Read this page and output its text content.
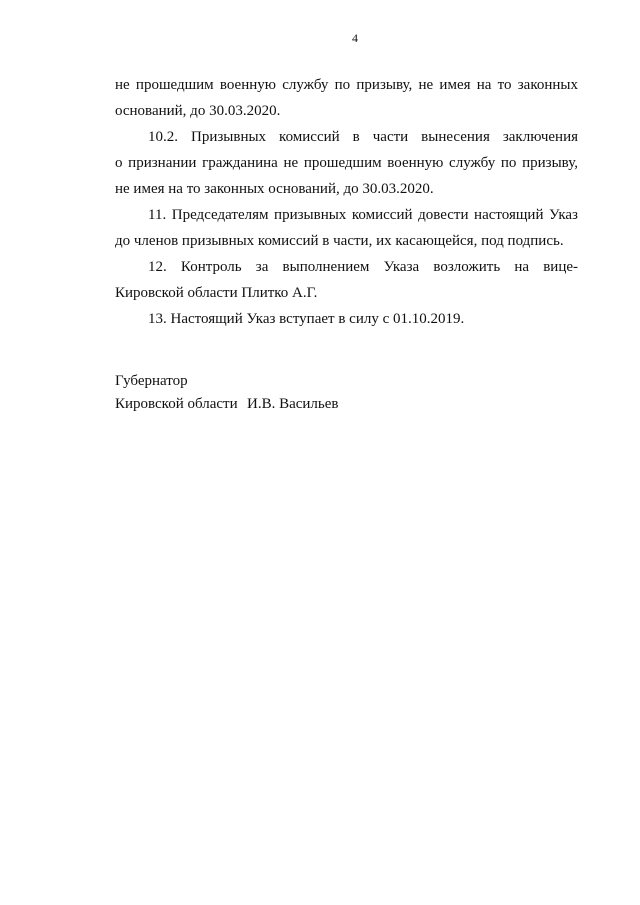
4
не прошедшим военную службу по призыву, не имея на то законных
оснований, до 30.03.2020.
10.2. Призывных комиссий в части вынесения заключения
о признании гражданина не прошедшим военную службу по призыву,
не имея на то законных оснований, до 30.03.2020.
11. Председателям призывных комиссий довести настоящий Указ
до членов призывных комиссий в части, их касающейся, под подпись.
12. Контроль за выполнением Указа возложить на вице-
Кировской области Плитко А.Г.
13. Настоящий Указ вступает в силу с 01.10.2019.
Губернатор
Кировской области И.В. Васильев
